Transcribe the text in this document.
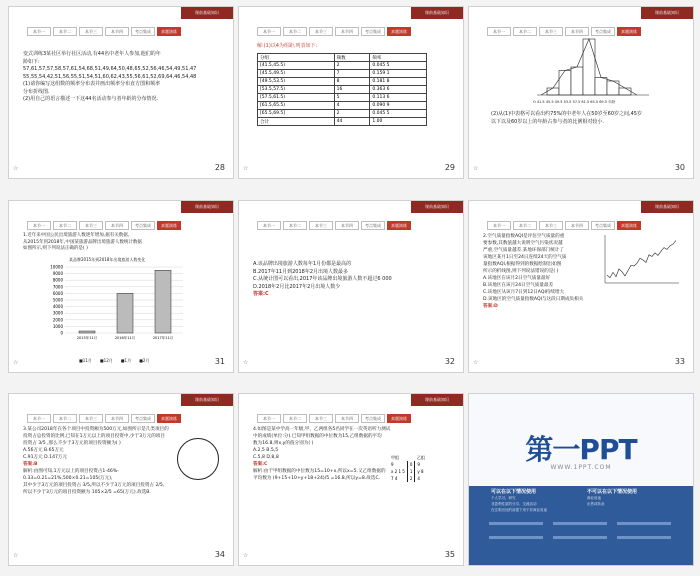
课前基础知识
本节一	本节二	本节三	本节四	考点集成	真题演练
☆	28
变式训练3某社区举行社区活动,有44名中老年人参加,他们的年
龄如下:
57,61,57,57,58,57,61,54,68,51,49,64,50,48,65,52,56,46,54,49,51,47
55,55,54,42,51,56,55,51,54,51,60,62,43,55,56,61,52,69,64,46,54,48
(1)请你编写这组数的频率分布表并画出频率分布直方图和频率
分布折线图.
(2)用自己的语言描述一下这44名活动参与者年龄的分布情况.
课前基础知识
本节一	本节二	本节三	本节四	考点集成	真题演练
☆	29
解:(1)以4为组距,列表如下:
分组	频数	频率
[41.5,45.5)	2	0.045 5
[45.5,49.5)	7	0.159 1
[49.5,53.5)	8	0.181 8
[53.5,57.5)	16	0.363 6
[57.5,61.5)	5	0.113 6
[61.5,65.5)	4	0.090 9
[65.5,69.5]	2	0.045 5
合计	44	1.00
课前基础知识
本节一	本节二	本节三	本节四	考点集成	真题演练
☆	30
O 41.5 45.5 49.5 53.5 57.5 61.5 65.5 69.5 年龄
(2)从(1)中表格可以看出约75%的中老年人在50岁至60岁之间,45岁
以下以及60岁以上的年龄占参与者的比例相对较小.
课前基础知识
本节一	本节二	本节三	本节四	考点集成	真题演练
☆	31
1.近年来中国公民出境旅游人数逐年增加,据有关数据,
从2015年到2018年,中国某旅游品牌出境旅游人数统计数据
如图所示,则下列说法正确的是( )
某品牌2015年到2018年出境旅游人数变化
10000
9000
8000
7000
6000
5000
4000
3000
2000
1000
0
2015年11月	2016年11月	2017年11月
■11月 ■12月 ■1月 ■2月
课前基础知识
本节一	本节二	本节三	本节四	考点集成	真题演练
☆	32
A.该品牌出境旅游人数每年1月份都是最高的
B.2017年11月到2018年2月出境人数最多
C.从统计图可以看出,2017年该品牌出境旅游人数不超过6 000
D.2018年2月比2017年2月出境人数少
答案:C
课前基础知识
本节一	本节二	本节三	本节四	考点集成	真题演练
☆	33
2.空气质量指数AQI是评估空气质量的重
要参数,其数值越大说明空气污染状况越
严重,空气质量越差.某地环保部门统计了
该地区某月1日至24日连续24天的空气质
量指数AQI,根据得到的数据绘制出如图
所示的折线图,则下列说法错误的是( )
A.该地区在该月2日空气质量最好
B.该地区在该月24日空气质量最差
C.该地区从该月7日到12日AQI持续增大
D.该地区的空气质量指数AQI与这段日期成负相关
答案:D
课前基础知识
本节一	本节二	本节三	本节四	考点集成	真题演练
☆	34
3.某公司2018年在各个项目中投资额为500万元,如图所示是几类项目的
投资占总投资的比例,已知在1万元以上的项目投资中,少于3万元的项目
投资占 3/5 ,那么不少于3万元的项目投资额为( )
A.56万元 B.65万元
C.91万元 D.147万元
答案:B
解析:由图可知,1万元以上的项目投资占1-46%-
0.33=0.21=21%,500×0.21=105(万元),
其中少于3万元的项目投资占 3/5,所以不少于3万元的项目投资占 2/5,
所以不少于3万元的项目投资额为 105×2/5 =65(万元).故选B.
课前基础知识
本节一	本节二	本节三	本节四	考点集成	真题演练
☆	35
4.如图是某中学高一年级,甲、乙两组各5名同学在一次英语听力测试
中的成绩(单位:分).已知甲组数据的中位数为15,乙组数据的平均
数为16.8,则x,y的值分别为( )
A.2,5 B.5,5
C.5,8 D.8,8
答案:C
解析:由于甲组数据的中位数为15=10+x,所以x=5.又乙组数据的
平均数为 (9+15+10+y+18+24)/5 =16.8,所以y=8.故选C.
甲组		乙组
9	0	9
x 2 1 5	1	y 8
7 4	2	4
第一PPT
WWW.1PPT.COM
可以在以下情况使用	不可以在以下情况使用
个人学习、研究
非盈利性质的分享、交流活动
在注明出处的前提下用于非商业用途
商业用途
出售或转卖
